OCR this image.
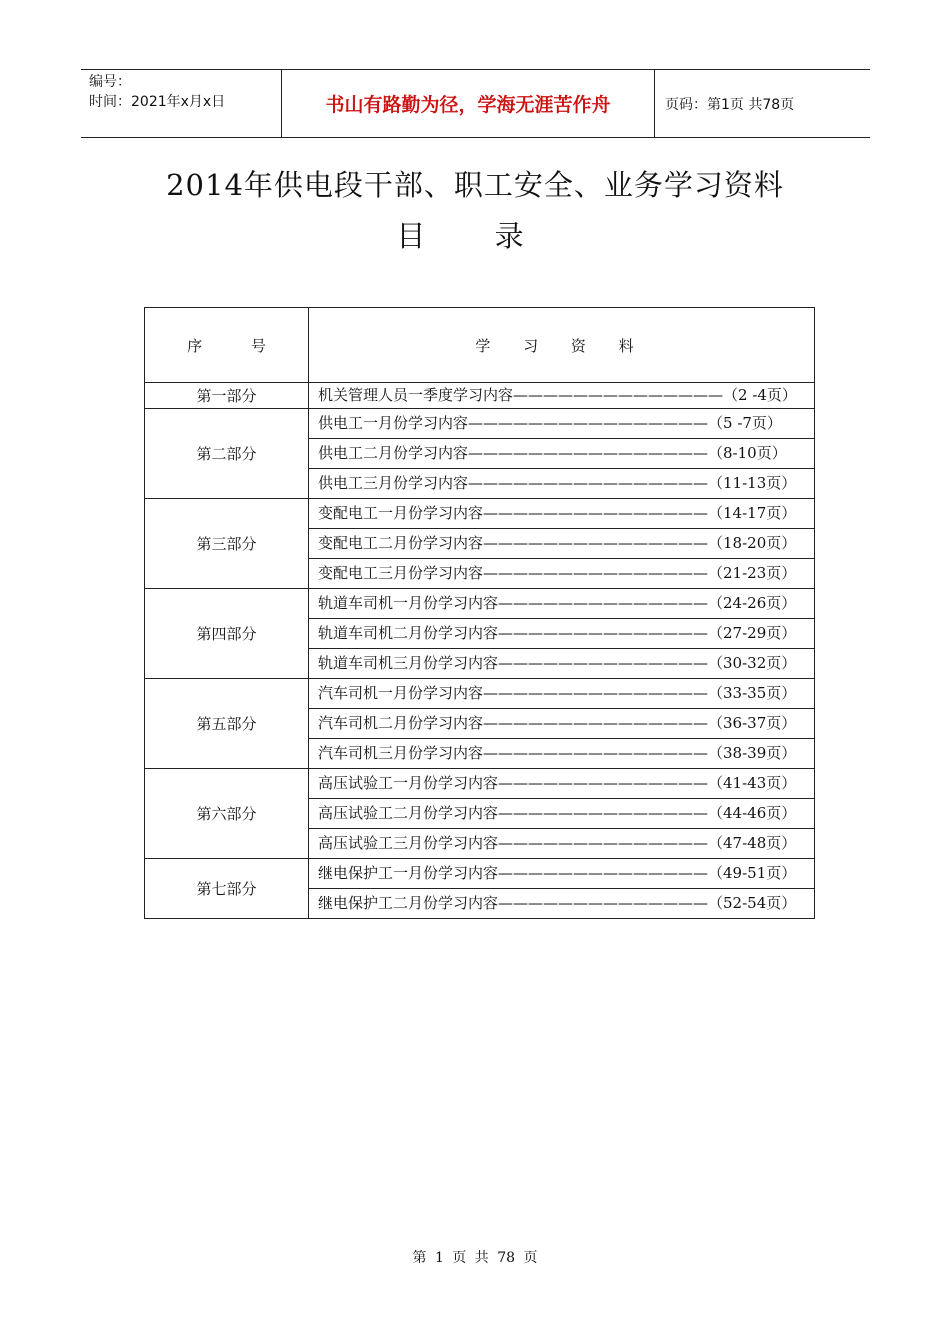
编号：
时间：2021年x月x日	书山有路勤为径，学海无涯苦作舟	页码：第1页 共78页
2014年供电段干部、职工安全、业务学习资料
目 录
序 号	学 习 资 料
第一部分	机关管理人员一季度学习内容——————————————（2 -4页）
第二部分	供电工一月份学习内容————————————————（5 -7页）
	供电工二月份学习内容————————————————（8-10页）
	供电工三月份学习内容————————————————（11-13页）
第三部分	变配电工一月份学习内容———————————————（14-17页）
	变配电工二月份学习内容———————————————（18-20页）
	变配电工三月份学习内容———————————————（21-23页）
第四部分	轨道车司机一月份学习内容——————————————（24-26页）
	轨道车司机二月份学习内容——————————————（27-29页）
	轨道车司机三月份学习内容——————————————（30-32页）
第五部分	汽车司机一月份学习内容———————————————（33-35页）
	汽车司机二月份学习内容———————————————（36-37页）
	汽车司机三月份学习内容———————————————（38-39页）
第六部分	高压试验工一月份学习内容——————————————（41-43页）
	高压试验工二月份学习内容——————————————（44-46页）
	高压试验工三月份学习内容——————————————（47-48页）
第七部分	继电保护工一月份学习内容——————————————（49-51页）
	继电保护工二月份学习内容——————————————（52-54页）
第 1 页 共 78 页
